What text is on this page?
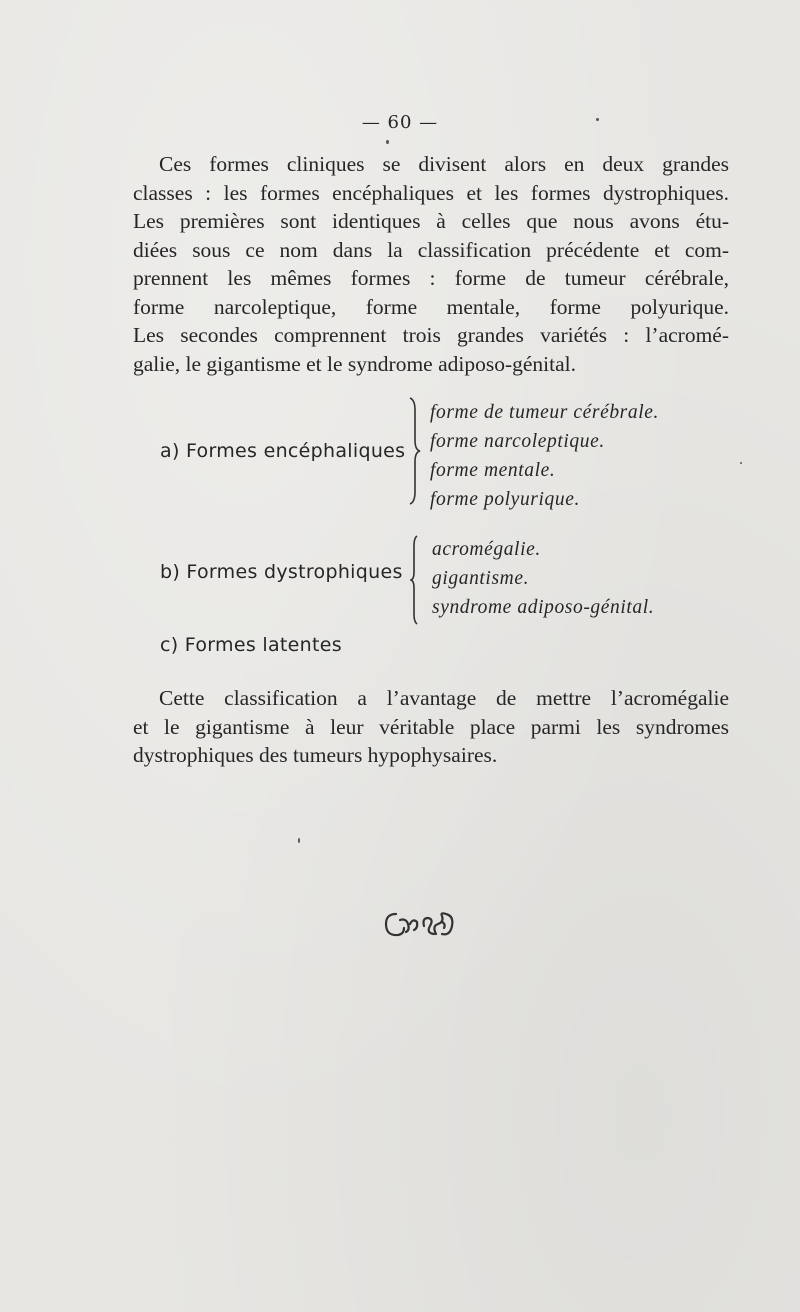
— 60 —

Ces formes cliniques se divisent alors en deux grandes
classes : les formes encéphaliques et les formes dystrophiques.
Les premières sont identiques à celles que nous avons étu-
diées sous ce nom dans la classification précédente et com-
prennent les mêmes formes : forme de tumeur cérébrale,
forme narcoleptique, forme mentale, forme polyurique.
Les secondes comprennent trois grandes variétés : l’acromé-
galie, le gigantisme et le syndrome adiposo-génital.

a) Formes encéphaliques
forme de tumeur cérébrale.
forme narcoleptique.
forme mentale.
forme polyurique.
b) Formes dystrophiques
acromégalie.
gigantisme.
syndrome adiposo-génital.
c) Formes latentes

Cette classification a l’avantage de mettre l’acromégalie
et le gigantisme à leur véritable place parmi les syndromes
dystrophiques des tumeurs hypophysaires.
